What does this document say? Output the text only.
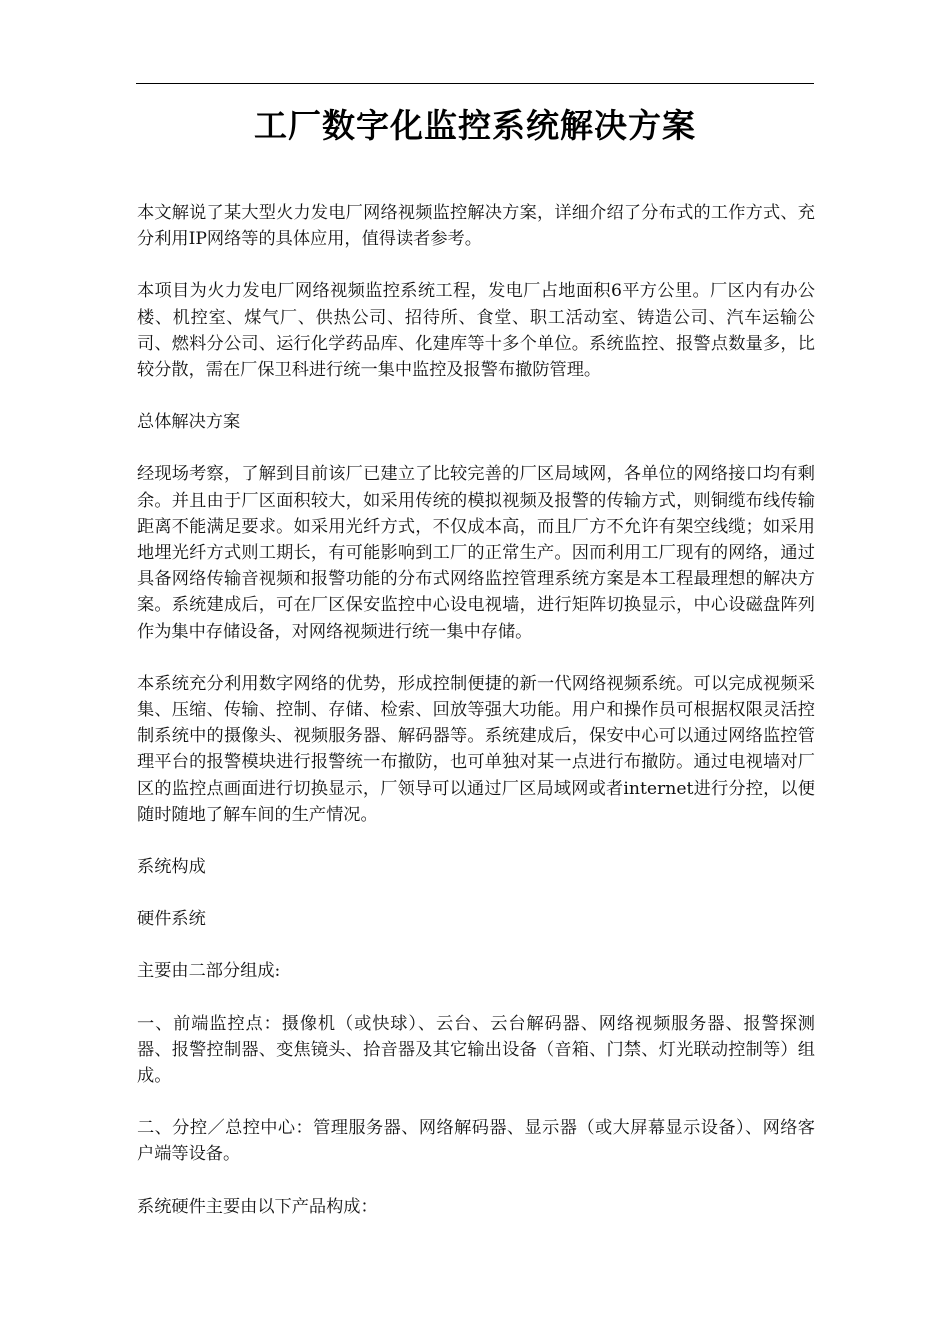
工厂数字化监控系统解决方案

本文解说了某大型火力发电厂网络视频监控解决方案，详细介绍了分布式的工作方式、充分利用IP网络等的具体应用，值得读者参考。

本项目为火力发电厂网络视频监控系统工程，发电厂占地面积6平方公里。厂区内有办公楼、机控室、煤气厂、供热公司、招待所、食堂、职工活动室、铸造公司、汽车运输公司、燃料分公司、运行化学药品库、化建库等十多个单位。系统监控、报警点数量多，比较分散，需在厂保卫科进行统一集中监控及报警布撤防管理。

总体解决方案

经现场考察，了解到目前该厂已建立了比较完善的厂区局域网，各单位的网络接口均有剩余。并且由于厂区面积较大，如采用传统的模拟视频及报警的传输方式，则铜缆布线传输距离不能满足要求。如采用光纤方式，不仅成本高，而且厂方不允许有架空线缆；如采用地埋光纤方式则工期长，有可能影响到工厂的正常生产。因而利用工厂现有的网络，通过具备网络传输音视频和报警功能的分布式网络监控管理系统方案是本工程最理想的解决方案。系统建成后，可在厂区保安监控中心设电视墙，进行矩阵切换显示，中心设磁盘阵列作为集中存储设备，对网络视频进行统一集中存储。

本系统充分利用数字网络的优势，形成控制便捷的新一代网络视频系统。可以完成视频采集、压缩、传输、控制、存储、检索、回放等强大功能。用户和操作员可根据权限灵活控制系统中的摄像头、视频服务器、解码器等。系统建成后，保安中心可以通过网络监控管理平台的报警模块进行报警统一布撤防，也可单独对某一点进行布撤防。通过电视墙对厂区的监控点画面进行切换显示，厂领导可以通过厂区局域网或者internet进行分控，以便随时随地了解车间的生产情况。

系统构成

硬件系统

主要由二部分组成:

一、前端监控点：摄像机（或快球）、云台、云台解码器、网络视频服务器、报警探测器、报警控制器、变焦镜头、拾音器及其它输出设备（音箱、门禁、灯光联动控制等）组成。

二、分控／总控中心：管理服务器、网络解码器、显示器（或大屏幕显示设备）、网络客户端等设备。

系统硬件主要由以下产品构成：
